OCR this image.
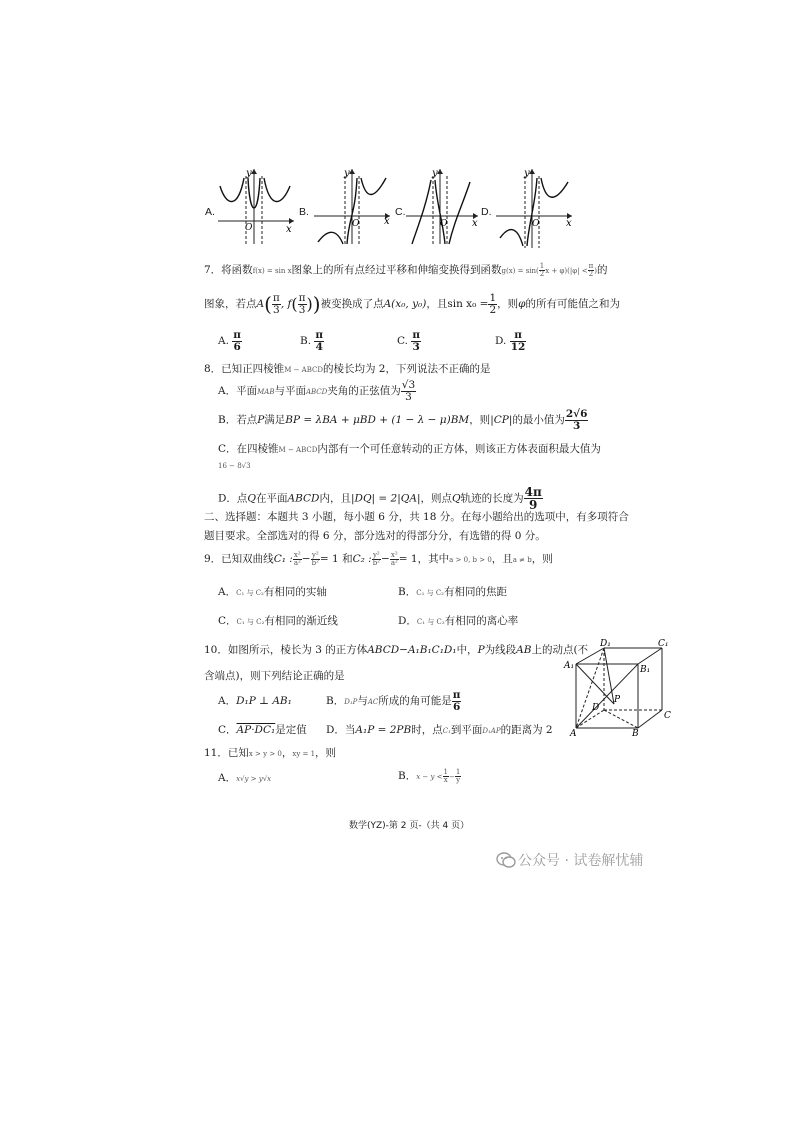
A.	B.	C.	D.
y
x
O
y
x
O
y
x
O
y
x
O
7．将函数f(x) = sin x图象上的所有点经过平移和伸缩变换得到函数$g(x) = \sin( \frac{1}{2}$ $x + \varphi)(|\varphi| < \frac{\pi}{2}$ )的
图象，若点$A( \frac{\pi}{3}$ , $f( \frac{\pi}{3}$ ))被变换成了点A(x₀, y₀)，且$\sin x_0 = \frac{1}{2}$ ，则φ的所有可能值之和为
A. $\frac{\pi}{6}$	B. $\frac{\pi}{4}$	C. $\frac{\pi}{3}$	D. $\frac{\pi}{12}$
8．已知正四棱锥M − ABCD的棱长均为 2，下列说法不正确的是
A．平面MAB与平面ABCD夹角的正弦值为 $\frac{√3}{3}$
B．若点P满足BP = λBA + μBD + (1 − λ − μ)BM，则|CP|的最小值为 $\frac{2√6}{3}$
C．在四棱锥M − ABCD内部有一个可任意转动的正方体，则该正方体表面积最大值为
16 − 8√3
D．点Q在平面ABCD内，且|DQ| = 2|QA|，则点Q轨迹的长度为 $\frac{4\pi}{9}$
二、选择题：本题共 3 小题，每小题 6 分，共 18 分。在每小题给出的选项中，有多项符合
题目要求。全部选对的得 6 分，部分选对的得部分分，有选错的得 0 分。
9．已知双曲线C₁ : $\frac{\text{x²}}{\text{a²}} - \frac{\text{y²}}{\text{b²}} = 1$ 和C₂ : $\frac{\text{y²}}{\text{b²}} - \frac{\text{x²}}{\text{a²}} = 1$，其中a > 0, b > 0，且a ≠ b，则
A．C₁ 与 C₂有相同的实轴	B．C₁ 与 C₂有相同的焦距
C．C₁ 与 C₂有相同的渐近线	D．C₁ 与 C₂有相同的离心率
10．如图所示，棱长为 3 的正方体ABCD−A₁B₁C₁D₁中，P为线段AB上的动点(不
含端点)，则下列结论正确的是
A．D₁P ⊥ AB₁	B．D₁P与AC所成的角可能是 $\frac{\pi}{6}$
C．AP·DC₁是定值 D．当A₁P = 2PB时，点C₁到平面D₁AP的距离为 2
D₁	C₁
A₁	B₁
D
C
A	B
P
11．已知x > y > 0，xy = 1，则
A．x√y > y√x	B．$x - y < \frac{1}{x} - \frac{1}{y}$
数学(YZ)-第 2 页-（共 4 页）
公众号 · 试卷解忧辅
